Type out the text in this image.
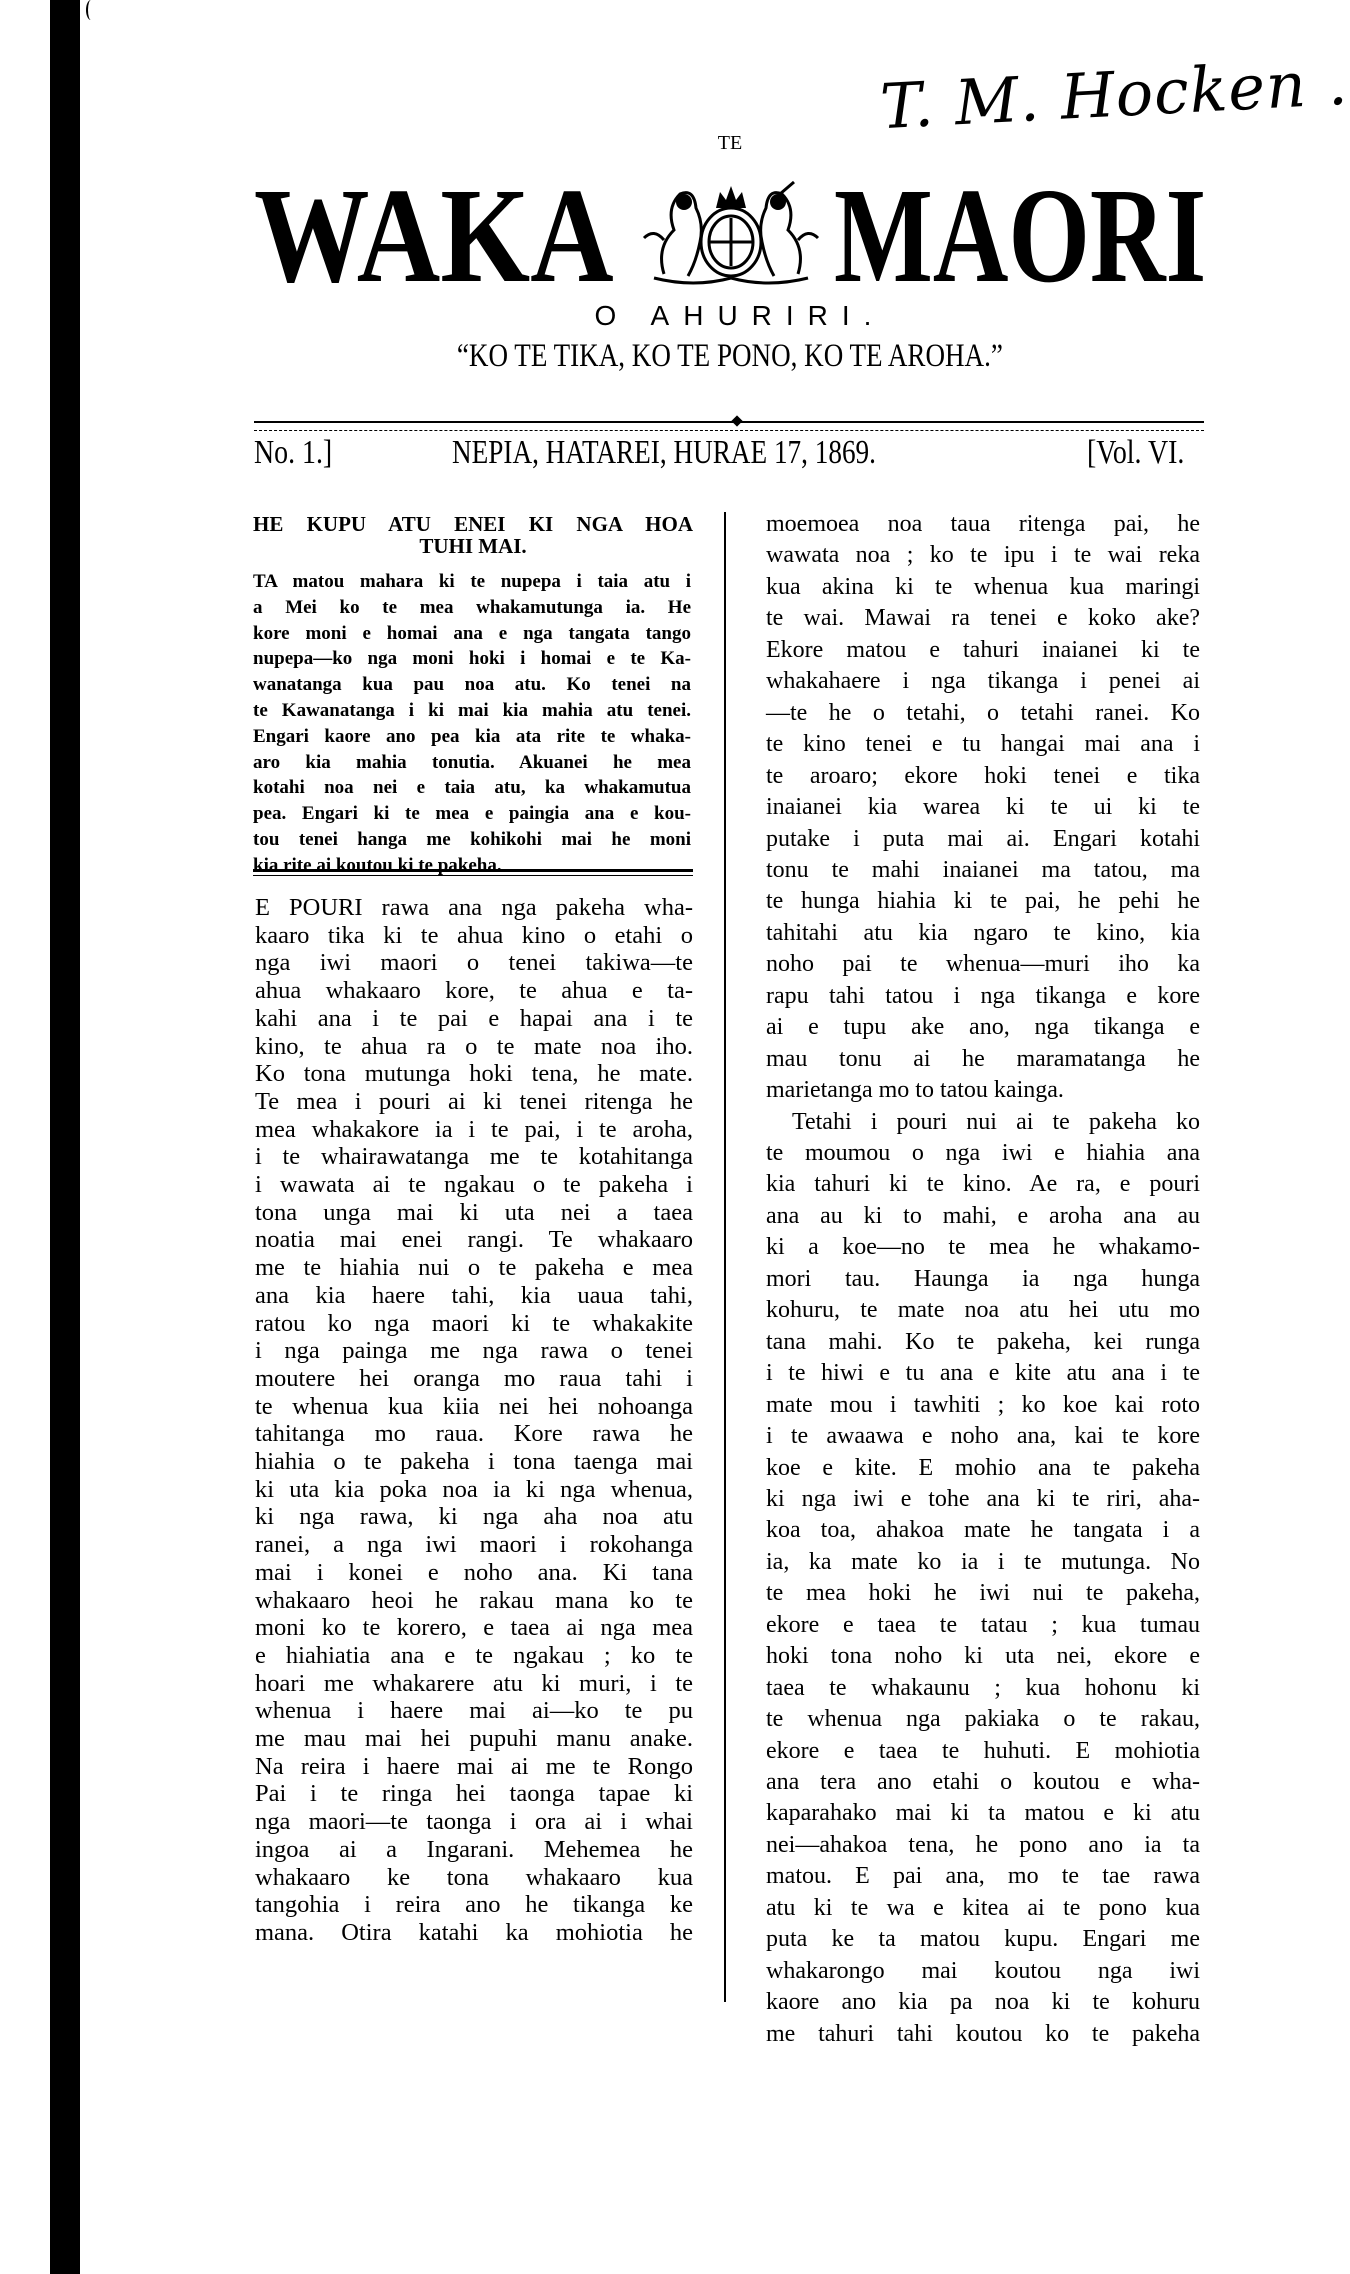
T. M. Hocken .
TE
WAKA MAORI
O AHURIRI.
“KO TE TIKA, KO TE PONO, KO TE AROHA.”
No. 1.]	NEPIA, HATAREI, HURAE 17, 1869.	[Vol. VI.
HE KUPU ATU ENEI KI NGA HOA
TUHI MAI.
TA matou mahara ki te nupepa i taia atu i
a Mei ko te mea whakamutunga ia. He
kore moni e homai ana e nga tangata tango
nupepa—ko nga moni hoki i homai e te Ka-
wanatanga kua pau noa atu. Ko tenei na
te Kawanatanga i ki mai kia mahia atu tenei.
Engari kaore ano pea kia ata rite te whaka-
aro kia mahia tonutia. Akuanei he mea
kotahi noa nei e taia atu, ka whakamutua
pea. Engari ki te mea e paingia ana e kou-
tou tenei hanga me kohikohi mai he moni
kia rite ai koutou ki te pakeha.
E POURI rawa ana nga pakeha wha-
kaaro tika ki te ahua kino o etahi o
nga iwi maori o tenei takiwa—te
ahua whakaaro kore, te ahua e ta-
kahi ana i te pai e hapai ana i te
kino, te ahua ra o te mate noa iho.
Ko tona mutunga hoki tena, he mate.
Te mea i pouri ai ki tenei ritenga he
mea whakakore ia i te pai, i te aroha,
i te whairawatanga me te kotahitanga
i wawata ai te ngakau o te pakeha i
tona unga mai ki uta nei a taea
noatia mai enei rangi. Te whakaaro
me te hiahia nui o te pakeha e mea
ana kia haere tahi, kia uaua tahi,
ratou ko nga maori ki te whakakite
i nga painga me nga rawa o tenei
moutere hei oranga mo raua tahi i
te whenua kua kiia nei hei nohoanga
tahitanga mo raua. Kore rawa he
hiahia o te pakeha i tona taenga mai
ki uta kia poka noa ia ki nga whenua,
ki nga rawa, ki nga aha noa atu
ranei, a nga iwi maori i rokohanga
mai i konei e noho ana. Ki tana
whakaaro heoi he rakau mana ko te
moni ko te korero, e taea ai nga mea
e hiahiatia ana e te ngakau ; ko te
hoari me whakarere atu ki muri, i te
whenua i haere mai ai—ko te pu
me mau mai hei pupuhi manu anake.
Na reira i haere mai ai me te Rongo
Pai i te ringa hei taonga tapae ki
nga maori—te taonga i ora ai i whai
ingoa ai a Ingarani. Mehemea he
whakaaro ke tona whakaaro kua
tangohia i reira ano he tikanga ke
mana. Otira katahi ka mohiotia he
moemoea noa taua ritenga pai, he
wawata noa ; ko te ipu i te wai reka
kua akina ki te whenua kua maringi
te wai. Mawai ra tenei e koko ake?
Ekore matou e tahuri inaianei ki te
whakahaere i nga tikanga i penei ai
—te he o tetahi, o tetahi ranei. Ko
te kino tenei e tu hangai mai ana i
te aroaro; ekore hoki tenei e tika
inaianei kia warea ki te ui ki te
putake i puta mai ai. Engari kotahi
tonu te mahi inaianei ma tatou, ma
te hunga hiahia ki te pai, he pehi he
tahitahi atu kia ngaro te kino, kia
noho pai te whenua—muri iho ka
rapu tahi tatou i nga tikanga e kore
ai e tupu ake ano, nga tikanga e
mau tonu ai he maramatanga he
marietanga mo to tatou kainga.
Tetahi i pouri nui ai te pakeha ko
te moumou o nga iwi e hiahia ana
kia tahuri ki te kino. Ae ra, e pouri
ana au ki to mahi, e aroha ana au
ki a koe—no te mea he whakamo-
mori tau. Haunga ia nga hunga
kohuru, te mate noa atu hei utu mo
tana mahi. Ko te pakeha, kei runga
i te hiwi e tu ana e kite atu ana i te
mate mou i tawhiti ; ko koe kai roto
i te awaawa e noho ana, kai te kore
koe e kite. E mohio ana te pakeha
ki nga iwi e tohe ana ki te riri, aha-
koa toa, ahakoa mate he tangata i a
ia, ka mate ko ia i te mutunga. No
te mea hoki he iwi nui te pakeha,
ekore e taea te tatau ; kua tumau
hoki tona noho ki uta nei, ekore e
taea te whakaunu ; kua hohonu ki
te whenua nga pakiaka o te rakau,
ekore e taea te huhuti. E mohiotia
ana tera ano etahi o koutou e wha-
kaparahako mai ki ta matou e ki atu
nei—ahakoa tena, he pono ano ia ta
matou. E pai ana, mo te tae rawa
atu ki te wa e kitea ai te pono kua
puta ke ta matou kupu. Engari me
whakarongo mai koutou nga iwi
kaore ano kia pa noa ki te kohuru
me tahuri tahi koutou ko te pakeha
